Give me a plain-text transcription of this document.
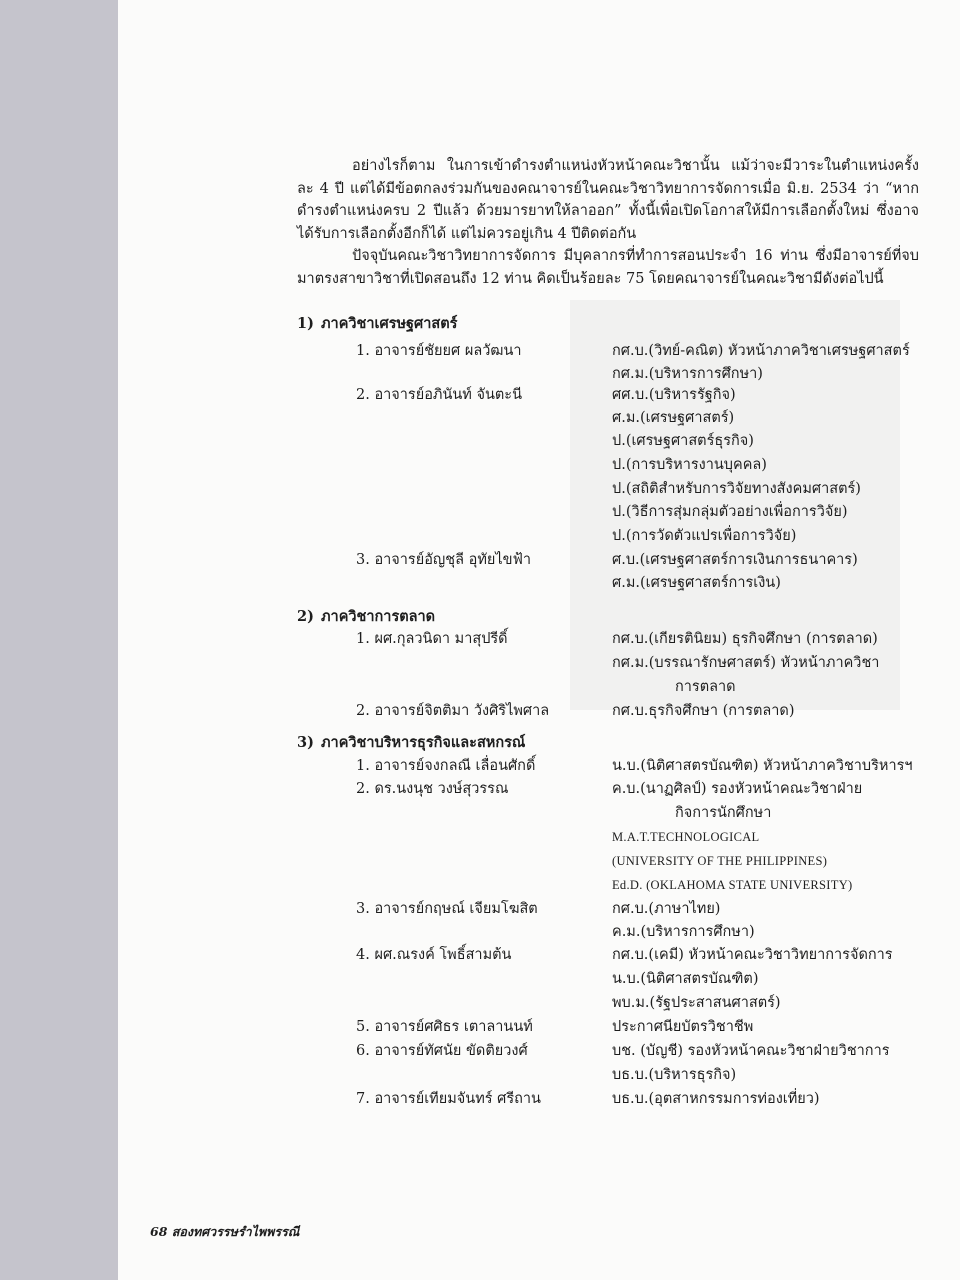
อย่างไรก็ตาม ในการเข้าดำรงตำแหน่งหัวหน้าคณะวิชานั้น แม้ว่าจะมีวาระในตำแหน่งครั้งละ 4 ปี แต่ได้มีข้อตกลงร่วมกันของคณาจารย์ในคณะวิชาวิทยาการจัดการเมื่อ มิ.ย. 2534 ว่า “หากดำรงตำแหน่งครบ 2 ปีแล้ว ด้วยมารยาทให้ลาออก” ทั้งนี้เพื่อเปิดโอกาสให้มีการเลือกตั้งใหม่ ซึ่งอาจได้รับการเลือกตั้งอีกก็ได้ แต่ไม่ควรอยู่เกิน 4 ปีติดต่อกัน

ปัจจุบันคณะวิชาวิทยาการจัดการ มีบุคลากรที่ทำการสอนประจำ 16 ท่าน ซึ่งมีอาจารย์ที่จบมาตรงสาขาวิชาที่เปิดสอนถึง 12 ท่าน คิดเป็นร้อยละ 75 โดยคณาจารย์ในคณะวิชามีดังต่อไปนี้

1) ภาควิชาเศรษฐศาสตร์
1. อาจารย์ชัยยศ ผลวัฒนา	กศ.บ.(วิทย์-คณิต) หัวหน้าภาควิชาเศรษฐศาสตร์
กศ.ม.(บริหารการศึกษา)
2. อาจารย์อภินันท์ จันตะนี	ศศ.บ.(บริหารรัฐกิจ)
ศ.ม.(เศรษฐศาสตร์)
ป.(เศรษฐศาสตร์ธุรกิจ)
ป.(การบริหารงานบุคคล)
ป.(สถิติสำหรับการวิจัยทางสังคมศาสตร์)
ป.(วิธีการสุ่มกลุ่มตัวอย่างเพื่อการวิจัย)
ป.(การวัดตัวแปรเพื่อการวิจัย)
3. อาจารย์อัญชุลี อุทัยไขฟ้า	ศ.บ.(เศรษฐศาสตร์การเงินการธนาคาร)
ศ.ม.(เศรษฐศาสตร์การเงิน)
2) ภาควิชาการตลาด
1. ผศ.กุลวนิดา มาสุปรีดิ์	กศ.บ.(เกียรตินิยม) ธุรกิจศึกษา (การตลาด)
กศ.ม.(บรรณารักษศาสตร์) หัวหน้าภาควิชา
การตลาด
2. อาจารย์จิตติมา วังศิริไพศาล	กศ.บ.ธุรกิจศึกษา (การตลาด)
3) ภาควิชาบริหารธุรกิจและสหกรณ์
1. อาจารย์จงกลณี เลื่อนศักดิ์	น.บ.(นิติศาสตรบัณฑิต) หัวหน้าภาควิชาบริหารฯ
2. ดร.นงนุช วงษ์สุวรรณ	ค.บ.(นาฏศิลป์) รองหัวหน้าคณะวิชาฝ่าย
กิจการนักศึกษา
M.A.T.TECHNOLOGICAL
(UNIVERSITY OF THE PHILIPPINES)
Ed.D. (OKLAHOMA STATE UNIVERSITY)
3. อาจารย์กฤษณ์ เจียมโฆสิต	กศ.บ.(ภาษาไทย)
ค.ม.(บริหารการศึกษา)
4. ผศ.ณรงค์ โพธิ์สามต้น	กศ.บ.(เคมี) หัวหน้าคณะวิชาวิทยาการจัดการ
น.บ.(นิติศาสตรบัณฑิต)
พบ.ม.(รัฐประสาสนศาสตร์)
5. อาจารย์ศศิธร เตาลานนท์	ประกาศนียบัตรวิชาชีพ
6. อาจารย์ทัศนัย ขัดติยวงศ์	บช. (บัญชี) รองหัวหน้าคณะวิชาฝ่ายวิชาการ
บธ.บ.(บริหารธุรกิจ)
7. อาจารย์เทียมจันทร์ ศรีถาน	บธ.บ.(อุตสาหกรรมการท่องเที่ยว)
68 สองทศวรรษรำไพพรรณี
